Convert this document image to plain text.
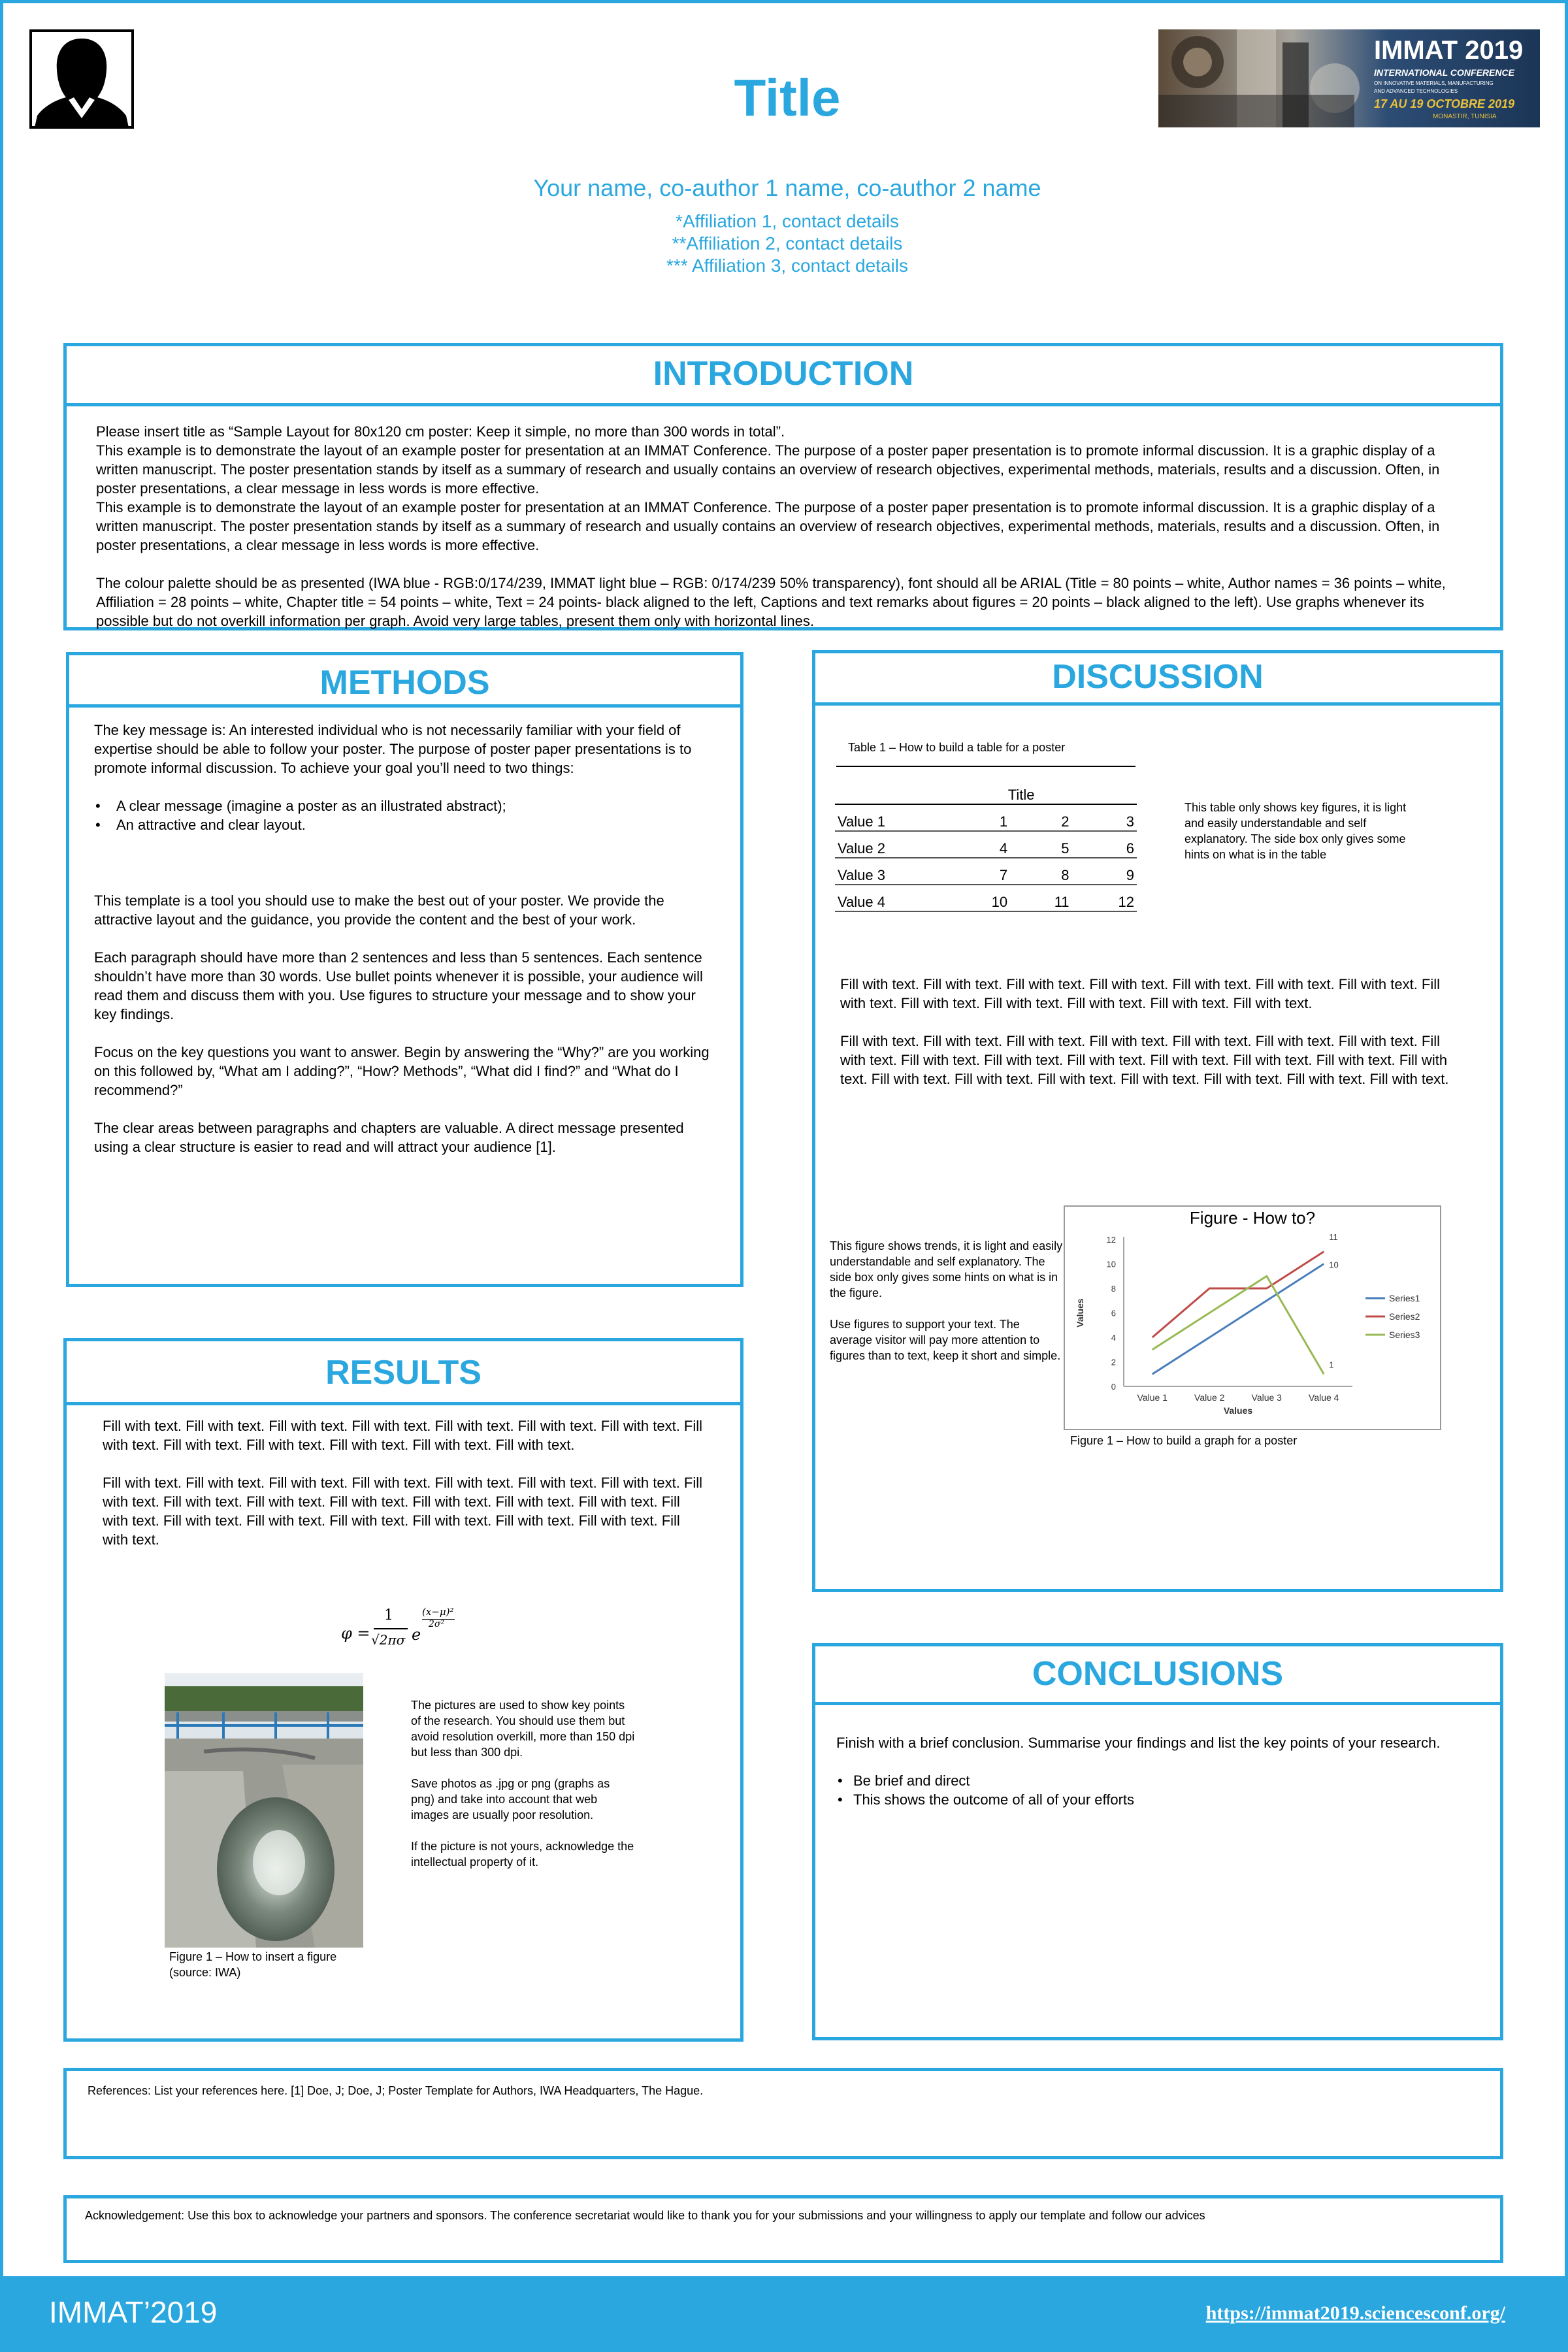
Title
IMMAT 2019
INTERNATIONAL CONFERENCE
ON INNOVATIVE MATERIALS, MANUFACTURING
AND ADVANCED TECHNOLOGIES
17 AU 19 OCTOBRE 2019
MONASTIR, TUNISIA
Your name, co-author 1 name, co-author 2 name
*Affiliation 1, contact details
**Affiliation 2, contact details
*** Affiliation 3, contact details
INTRODUCTION

Please insert title as “Sample Layout for 80x120 cm poster: Keep it simple, no more than 300 words in total”.

This example is to demonstrate the layout of an example poster for presentation at an IMMAT Conference. The purpose of a poster paper presentation is to promote informal discussion. It is a graphic display of a written manuscript. The poster presentation stands by itself as a summary of research and usually contains an overview of research objectives, experimental methods, materials, results and a discussion. Often, in poster presentations, a clear message in less words is more effective.

This example is to demonstrate the layout of an example poster for presentation at an IMMAT Conference. The purpose of a poster paper presentation is to promote informal discussion. It is a graphic display of a written manuscript. The poster presentation stands by itself as a summary of research and usually contains an overview of research objectives, experimental methods, materials, results and a discussion. Often, in poster presentations, a clear message in less words is more effective.

The colour palette should be as presented (IWA blue - RGB:0/174/239, IMMAT light blue – RGB: 0/174/239 50% transparency), font should all be ARIAL (Title = 80 points – white, Author names = 36 points – white, Affiliation = 28 points – white, Chapter title = 54 points – white, Text = 24 points- black aligned to the left, Captions and text remarks about figures = 20 points – black aligned to the left). Use graphs whenever its possible but do not overkill information per graph. Avoid very large tables, present them only with horizontal lines.

METHODS

The key message is: An interested individual who is not necessarily familiar with your field of expertise should be able to follow your poster. The purpose of poster paper presentations is to promote informal discussion. To achieve your goal you’ll need to two things:

• A clear message (imagine a poster as an illustrated abstract);
• An attractive and clear layout.

This template is a tool you should use to make the best out of your poster. We provide the attractive layout and the guidance, you provide the content and the best of your work.

Each paragraph should have more than 2 sentences and less than 5 sentences. Each sentence shouldn’t have more than 30 words. Use bullet points whenever it is possible, your audience will read them and discuss them with you. Use figures to structure your message and to show your key findings.

Focus on the key questions you want to answer. Begin by answering the “Why?” are you working on this followed by, “What am I adding?”, “How? Methods”, “What did I find?” and “What do I recommend?”

The clear areas between paragraphs and chapters are valuable. A direct message presented using a clear structure is easier to read and will attract your audience [1].

RESULTS

Fill with text. Fill with text. Fill with text. Fill with text. Fill with text. Fill with text. Fill with text. Fill with text. Fill with text. Fill with text. Fill with text. Fill with text. Fill with text.

Fill with text. Fill with text. Fill with text. Fill with text. Fill with text. Fill with text. Fill with text. Fill with text. Fill with text. Fill with text. Fill with text. Fill with text. Fill with text. Fill with text. Fill with text. Fill with text. Fill with text. Fill with text. Fill with text. Fill with text. Fill with text. Fill with text.

φ =
1
√2πσ e
(x−μ)²
2σ²
Figure 1 – How to insert a figure (source: IWA)

The pictures are used to show key points of the research. You should use them but avoid resolution overkill, more than 150 dpi but less than 300 dpi.

Save photos as .jpg or png (graphs as png) and take into account that web images are usually poor resolution.

If the picture is not yours, acknowledge the intellectual property of it.

DISCUSSION
Table 1 – How to build a table for a poster
	Title		
Value 1	1	2	3
Value 2	4	5	6
Value 3	7	8	9
Value 4	10	11	12
This table only shows key figures, it is light and easily understandable and self explanatory. The side box only gives some hints on what is in the table

Fill with text. Fill with text. Fill with text. Fill with text. Fill with text. Fill with text. Fill with text. Fill with text. Fill with text. Fill with text. Fill with text. Fill with text. Fill with text.

Fill with text. Fill with text. Fill with text. Fill with text. Fill with text. Fill with text. Fill with text. Fill with text. Fill with text. Fill with text. Fill with text. Fill with text. Fill with text. Fill with text. Fill with text. Fill with text. Fill with text. Fill with text. Fill with text. Fill with text. Fill with text. Fill with text.

This figure shows trends, it is light and easily understandable and self explanatory. The side box only gives some hints on what is in the figure.

Use figures to support your text. The average visitor will pay more attention to figures than to text, keep it short and simple.

Figure - How to?
0
2
4
6
8
10
12
Value 1	Value 2	Value 3	Value 4
Values
Values
Series1
Series2
Series3
10
11
1
Figure 1 – How to build a graph for a poster
CONCLUSIONS

Finish with a brief conclusion. Summarise your findings and list the key points of your research.

• Be brief and direct
• This shows the outcome of all of your efforts
References: List your references here. [1] Doe, J; Doe, J; Poster Template for Authors, IWA Headquarters, The Hague.
Acknowledgement: Use this box to acknowledge your partners and sponsors. The conference secretariat would like to thank you for your submissions and your willingness to apply our template and follow our advices
IMMAT’2019	https://immat2019.sciencesconf.org/
